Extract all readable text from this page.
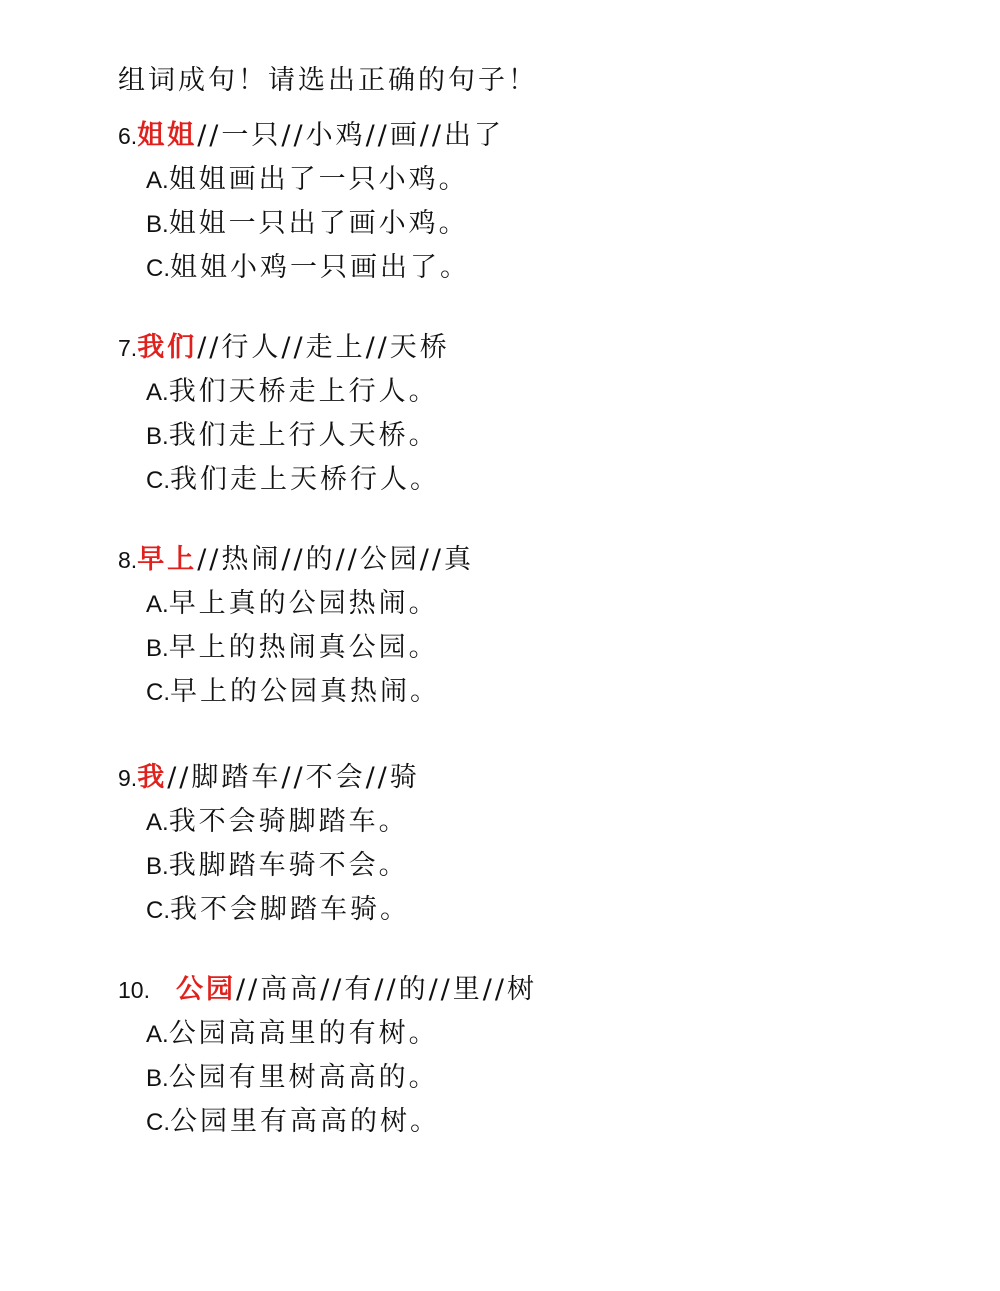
组词成句！请选出正确的句子！
6.姐姐//一只//小鸡//画//出了
A.姐姐画出了一只小鸡。
B.姐姐一只出了画小鸡。
C.姐姐小鸡一只画出了。
7.我们//行人//走上//天桥
A.我们天桥走上行人。
B.我们走上行人天桥。
C.我们走上天桥行人。
8.早上//热闹//的//公园//真
A.早上真的公园热闹。
B.早上的热闹真公园。
C.早上的公园真热闹。
9.我//脚踏车//不会//骑
A.我不会骑脚踏车。
B.我脚踏车骑不会。
C.我不会脚踏车骑。
10. 公园//高高//有//的//里//树
A.公园高高里的有树。
B.公园有里树高高的。
C.公园里有高高的树。
